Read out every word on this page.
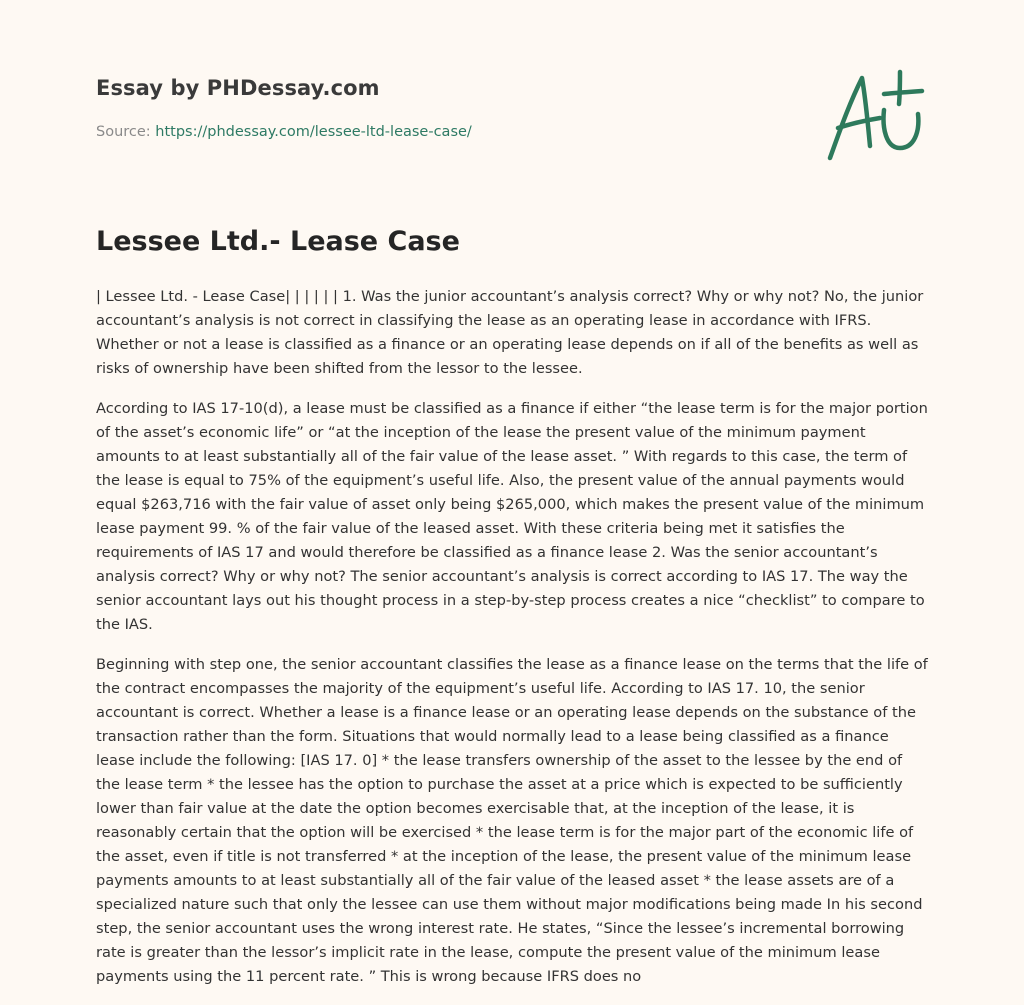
Essay by PHDessay.com
Source: https://phdessay.com/lessee-ltd-lease-case/
Lessee Ltd.- Lease Case

| Lessee Ltd. - Lease Case| | | | | | 1. Was the junior accountant’s analysis correct? Why or why not? No, the junior accountant’s analysis is not correct in classifying the lease as an operating lease in accordance with IFRS. Whether or not a lease is classified as a finance or an operating lease depends on if all of the benefits as well as risks of ownership have been shifted from the lessor to the lessee.

According to IAS 17-10(d), a lease must be classified as a finance if either “the lease term is for the major portion of the asset’s economic life” or “at the inception of the lease the present value of the minimum payment amounts to at least substantially all of the fair value of the lease asset. ” With regards to this case, the term of the lease is equal to 75% of the equipment’s useful life. Also, the present value of the annual payments would equal $263,716 with the fair value of asset only being $265,000, which makes the present value of the minimum lease payment 99. % of the fair value of the leased asset. With these criteria being met it satisfies the requirements of IAS 17 and would therefore be classified as a finance lease 2. Was the senior accountant’s analysis correct? Why or why not? The senior accountant’s analysis is correct according to IAS 17. The way the senior accountant lays out his thought process in a step-by-step process creates a nice “checklist” to compare to the IAS.

Beginning with step one, the senior accountant classifies the lease as a finance lease on the terms that the life of the contract encompasses the majority of the equipment’s useful life. According to IAS 17. 10, the senior accountant is correct. Whether a lease is a finance lease or an operating lease depends on the substance of the transaction rather than the form. Situations that would normally lead to a lease being classified as a finance lease include the following: [IAS 17. 0] * the lease transfers ownership of the asset to the lessee by the end of the lease term * the lessee has the option to purchase the asset at a price which is expected to be sufficiently lower than fair value at the date the option becomes exercisable that, at the inception of the lease, it is reasonably certain that the option will be exercised * the lease term is for the major part of the economic life of the asset, even if title is not transferred * at the inception of the lease, the present value of the minimum lease payments amounts to at least substantially all of the fair value of the leased asset * the lease assets are of a specialized nature such that only the lessee can use them without major modifications being made In his second step, the senior accountant uses the wrong interest rate. He states, “Since the lessee’s incremental borrowing rate is greater than the lessor’s implicit rate in the lease, compute the present value of the minimum lease payments using the 11 percent rate. ” This is wrong because IFRS does no
